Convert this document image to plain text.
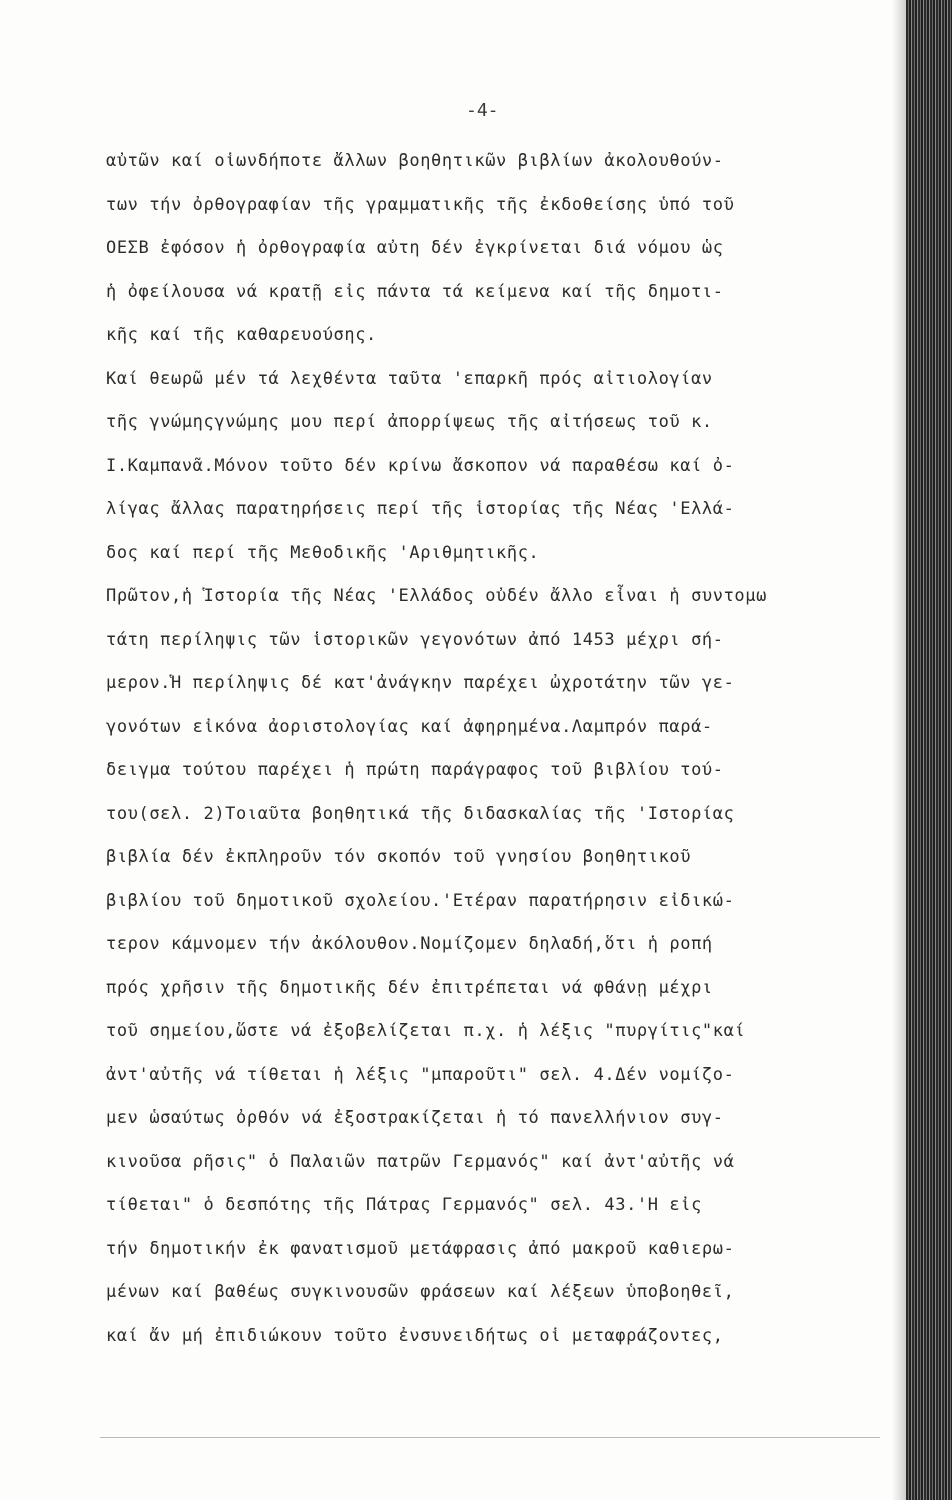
-4-
αὐτῶν καί οἱωνδήποτε ἄλλων βοηθητικῶν βιβλίων ἀκολουθούν-
των τήν ὀρθογραφίαν τῆς γραμματικῆς τῆς ἐκδοθείσης ὑπό τοῦ
ΟΕΣΒ ἐφόσον ἡ ὀρθογραφία αὐτη δέν ἐγκρίνεται διά νόμου ὡς
ἡ ὀφείλουσα νά κρατῇ εἰς πάντα τά κείμενα καί τῆς δημοτι-
κῆς καί τῆς καθαρευούσης.
Καί θεωρῶ μέν τά λεχθέντα ταῦτα 'επαρκῆ πρός αἰτιολογίαν
τῆς γνώμηςγνώμης μου περί ἀπορρίψεως τῆς αἰτήσεως τοῦ κ.
Ι.Καμπανᾶ.Μόνον τοῦτο δέν κρίνω ἄσκοπον νά παραθέσω καί ὀ-
λίγας ἄλλας παρατηρήσεις περί τῆς ἱστορίας τῆς Νέας 'Ελλά-
δος καί περί τῆς Μεθοδικῆς 'Αριθμητικῆς.
Πρῶτον,ἡ Ἱστορία τῆς Νέας 'Ελλάδος οὐδέν ἄλλο εἶναι ἡ συντομω
τάτη περίληψις τῶν ἱστορικῶν γεγονότων ἀπό 1453 μέχρι σή-
μερον.Ἡ περίληψις δέ κατ'ἀνάγκην παρέχει ὠχροτάτην τῶν γε-
γονότων εἰκόνα ἀοριστολογίας καί ἀφηρημένα.Λαμπρόν παρά-
δειγμα τούτου παρέχει ἡ πρώτη παράγραφος τοῦ βιβλίου τού-
του(σελ. 2)Τοιαῦτα βοηθητικά τῆς διδασκαλίας τῆς 'Ιστορίας
βιβλία δέν ἐκπληροῦν τόν σκοπόν τοῦ γνησίου βοηθητικοῦ
βιβλίου τοῦ δημοτικοῦ σχολείου.'Ετέραν παρατήρησιν εἰδικώ-
τερον κάμνομεν τήν ἀκόλουθον.Νομίζομεν δηλαδή,ὅτι ἡ ροπή
πρός χρῆσιν τῆς δημοτικῆς δέν ἐπιτρέπεται νά φθάνῃ μέχρι
τοῦ σημείου,ὥστε νά ἐξοβελίζεται π.χ. ἡ λέξις "πυργίτις"καί
ἀντ'αὐτῆς νά τίθεται ἡ λέξις "μπαροῦτι" σελ. 4.Δέν νομίζο-
μεν ὡσαύτως ὀρθόν νά ἐξοστρακίζεται ἡ τό πανελλήνιον συγ-
κινοῦσα ρῆσις" ὁ Παλαιῶν πατρῶν Γερμανός" καί ἀντ'αὐτῆς νά
τίθεται" ὁ δεσπότης τῆς Πάτρας Γερμανός" σελ. 43.'Η εἰς
τήν δημοτικήν ἐκ φανατισμοῦ μετάφρασις ἀπό μακροῦ καθιερω-
μένων καί βαθέως συγκινουσῶν φράσεων καί λέξεων ὑποβοηθεῖ,
καί ἄν μή ἐπιδιώκουν τοῦτο ἐνσυνειδήτως οἱ μεταφράζοντες,
